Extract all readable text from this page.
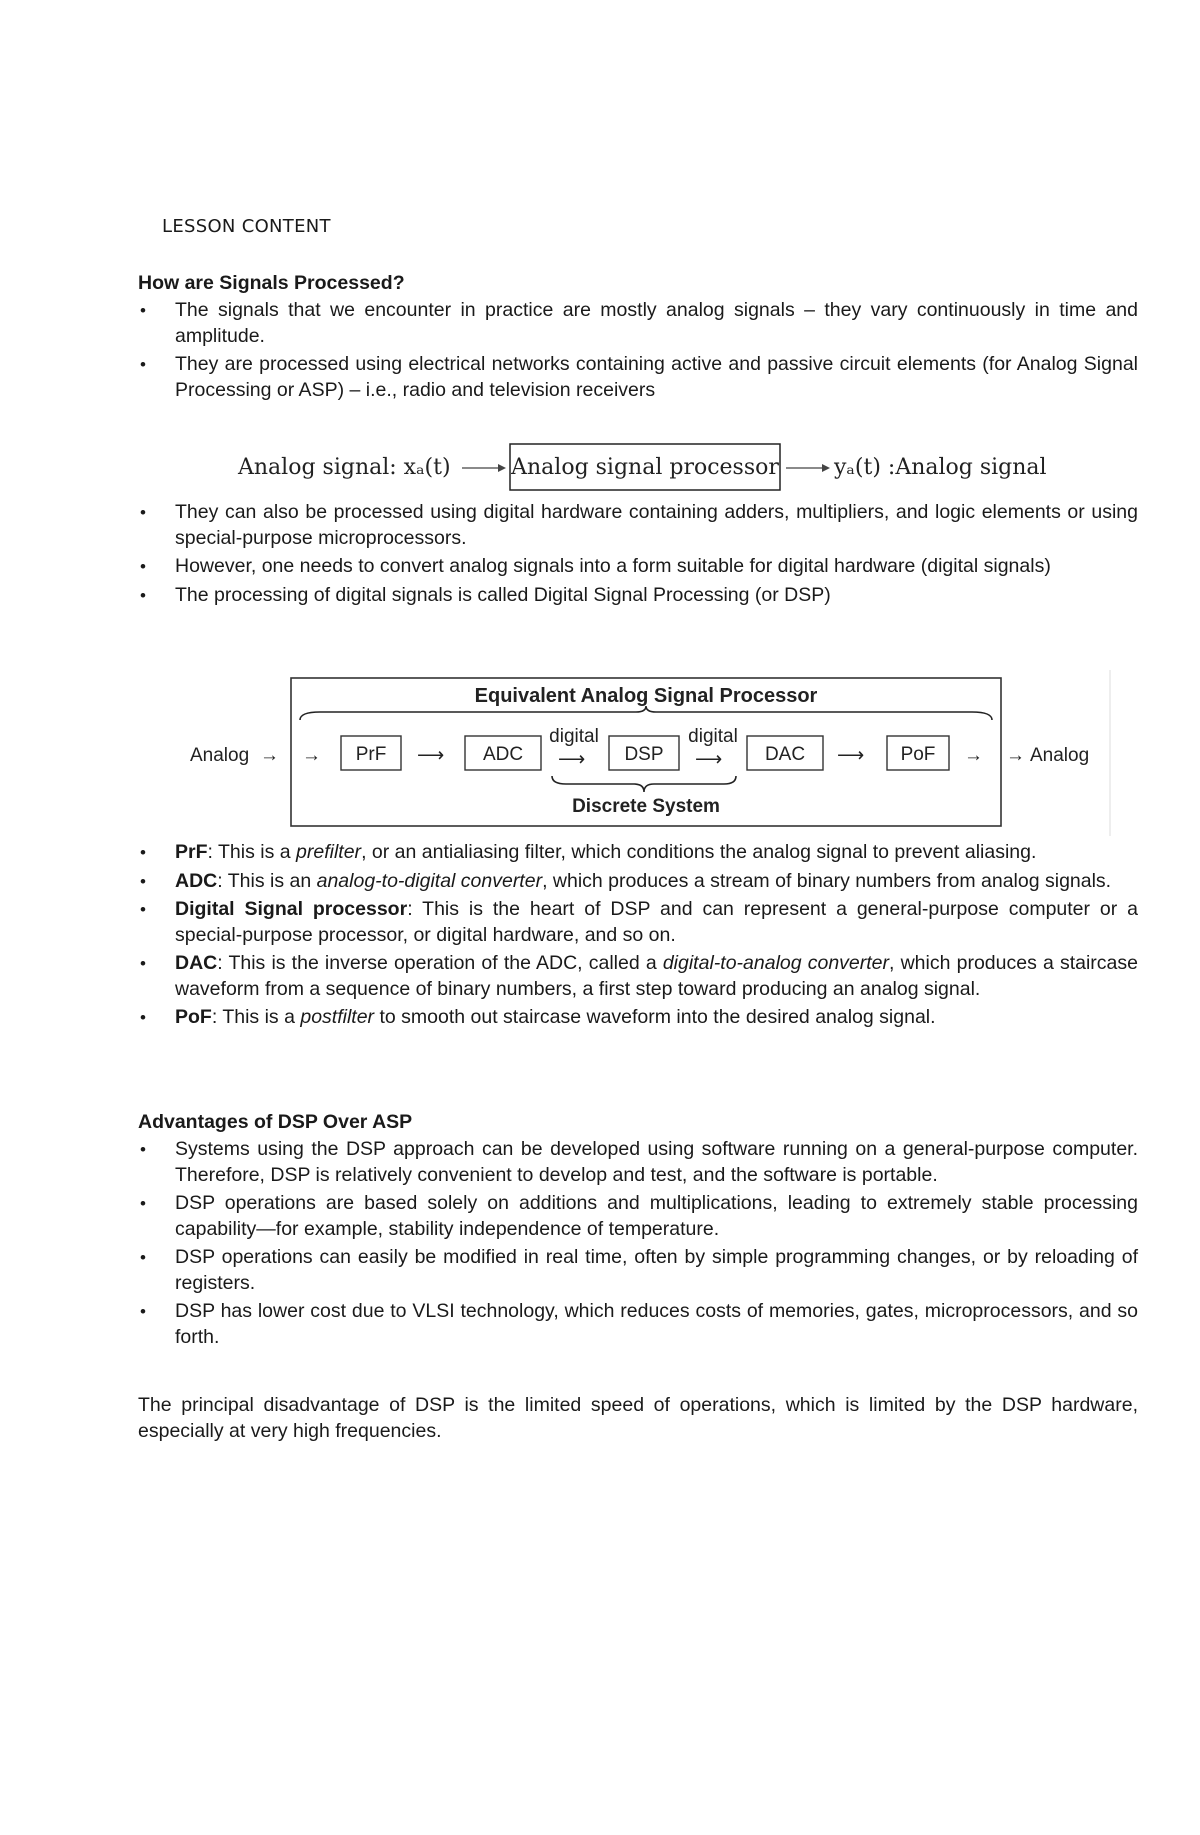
LESSON CONTENT
How are Signals Processed?
• The signals that we encounter in practice are mostly analog signals – they vary continuously in time and amplitude.
• They are processed using electrical networks containing active and passive circuit elements (for Analog Signal Processing or ASP) – i.e., radio and television receivers
Analog signal: xₐ(t)	Analog signal processor	yₐ(t) :Analog signal
• They can also be processed using digital hardware containing adders, multipliers, and logic elements or using special-purpose microprocessors.
• However, one needs to convert analog signals into a form suitable for digital hardware (digital signals)
• The processing of digital signals is called Digital Signal Processing (or DSP)
Equivalent Analog Signal Processor
Analog → → PrF ⟶ ADC
digital
⟶ DSP
digital
⟶ DAC ⟶ PoF → → Analog
Discrete System
• PrF: This is a prefilter, or an antialiasing filter, which conditions the analog signal to prevent aliasing.
• ADC: This is an analog-to-digital converter, which produces a stream of binary numbers from analog signals.
• Digital Signal processor: This is the heart of DSP and can represent a general-purpose computer or a special-purpose processor, or digital hardware, and so on.
• DAC: This is the inverse operation of the ADC, called a digital-to-analog converter, which produces a staircase waveform from a sequence of binary numbers, a first step toward producing an analog signal.
• PoF: This is a postfilter to smooth out staircase waveform into the desired analog signal.
Advantages of DSP Over ASP
• Systems using the DSP approach can be developed using software running on a general-purpose computer. Therefore, DSP is relatively convenient to develop and test, and the software is portable.
• DSP operations are based solely on additions and multiplications, leading to extremely stable processing capability—for example, stability independence of temperature.
• DSP operations can easily be modified in real time, often by simple programming changes, or by reloading of registers.
• DSP has lower cost due to VLSI technology, which reduces costs of memories, gates, microprocessors, and so forth.
The principal disadvantage of DSP is the limited speed of operations, which is limited by the DSP hardware, especially at very high frequencies.
